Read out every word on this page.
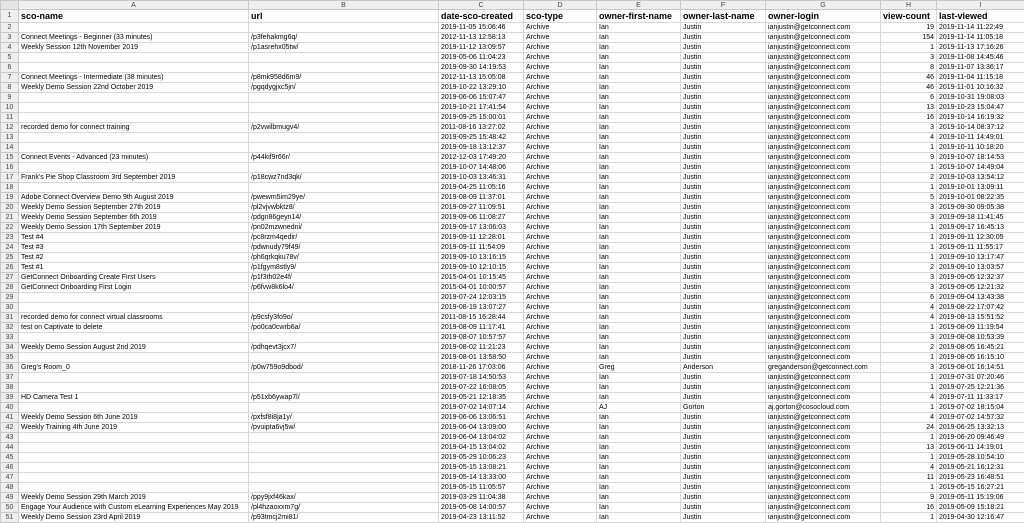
	A	B	C	D	E	F	G	H	I
1	sco-name	url	date-sco-created	sco-type	owner-first-name	owner-last-name	owner-login	view-count	last-viewed
2			2019-11-05 15:06:46	Archive	Ian	Justin	ianjustin@getconnect.com	19	2019-11-14 11:22:49
3	Connect Meetings - Beginner (33 minutes)	/p3fehakmg6q/	2012-11-13 12:58:13	Archive	Ian	Justin	ianjustin@getconnect.com	154	2019-11-14 11:05:18
4	Weekly Session 12th November 2019	/p1asrehx05tw/	2019-11-12 13:09:57	Archive	Ian	Justin	ianjustin@getconnect.com	1	2019-11-13 17:16:26
5			2019-05-06 11:04:23	Archive	Ian	Justin	ianjustin@getconnect.com	3	2019-11-08 14:45:46
6			2019-09-30 14:19:53	Archive	Ian	Justin	ianjustin@getconnect.com	8	2019-11-07 13:36:17
7	Connect Meetings - Intermediate (38 minutes)	/p8mk958d6m9/	2012-11-13 15:05:08	Archive	Ian	Justin	ianjustin@getconnect.com	46	2019-11-04 11:15:18
8	Weekly Demo Session 22nd October 2019	/pgqdygjxc5jn/	2019-10-22 13:29:10	Archive	Ian	Justin	ianjustin@getconnect.com	46	2019-11-01 10:16:32
9			2019-06-06 15:07:47	Archive	Ian	Justin	ianjustin@getconnect.com	6	2019-10-31 19:08:03
10			2019-10-21 17:41:54	Archive	Ian	Justin	ianjustin@getconnect.com	13	2019-10-23 15:04:47
11			2019-09-25 15:00:01	Archive	Ian	Justin	ianjustin@getconnect.com	16	2019-10-14 16:19:32
12	recorded demo for connect training	/p2vwilbmugv4/	2011-08-16 13:27:02	Archive	Ian	Justin	ianjustin@getconnect.com	3	2019-10-14 08:37:12
13			2019-09-25 15:48:42	Archive	Ian	Justin	ianjustin@getconnect.com	4	2019-10-11 14:49:01
14			2019-09-18 13:12:37	Archive	Ian	Justin	ianjustin@getconnect.com	1	2019-10-11 10:18:20
15	Connect Events - Advanced (23 minutes)	/p44kif9r66r/	2012-12-03 17:49:20	Archive	Ian	Justin	ianjustin@getconnect.com	9	2019-10-07 18:14:53
16			2019-10-07 14:48:06	Archive	Ian	Justin	ianjustin@getconnect.com	1	2019-10-07 14:49:04
17	Frank's Pie Shop Classroom 3rd September 2019	/p18cwz7nd3qk/	2019-10-03 13:46:31	Archive	Ian	Justin	ianjustin@getconnect.com	2	2019-10-03 13:54:12
18			2019-04-25 11:05:16	Archive	Ian	Justin	ianjustin@getconnect.com	1	2019-10-01 13:09:11
19	Adobe Connect Overview Demo 9th August 2019	/pwewm5im29ye/	2019-08-09 11:37:01	Archive	Ian	Justin	ianjustin@getconnect.com	5	2019-10-01 08:22:35
20	Weekly Demo Session September 27th 2019	/pl2vjvwbktz8/	2019-09-27 11:09:51	Archive	Ian	Justin	ianjustin@getconnect.com	3	2019-09-30 09:05:38
21	Weekly Demo Session September 6th 2019	/pdgn86geyn14/	2019-09-06 11:08:27	Archive	Ian	Justin	ianjustin@getconnect.com	3	2019-09-18 11:41:45
22	Weekly Demo Session 17th September 2019	/pn02mzwnedni/	2019-09-17 13:06:03	Archive	Ian	Justin	ianjustin@getconnect.com	1	2019-09-17 16:45:13
23	Test #4	/pc8rzm4qedir/	2019-09-11 12:28:01	Archive	Ian	Justin	ianjustin@getconnect.com	1	2019-09-11 12:30:05
24	Test #3	/pdwnudy79f49/	2019-09-11 11:54:09	Archive	Ian	Justin	ianjustin@getconnect.com	1	2019-09-11 11:55:17
25	Test #2	/ph6qrkqku78v/	2019-09-10 13:16:15	Archive	Ian	Justin	ianjustin@getconnect.com	1	2019-09-10 13:17:47
26	Test #1	/p1fgym8stly9/	2019-09-10 12:10:15	Archive	Ian	Justin	ianjustin@getconnect.com	2	2019-09-10 13:03:57
27	GetConnect Onboarding Create First Users	/p1f3th02e4f/	2015-04-01 10:15:45	Archive	Ian	Justin	ianjustin@getconnect.com	3	2019-09-05 12:32:37
28	GetConnect Onboarding First Login	/p6fvw8k6lo4/	2015-04-01 10:00:57	Archive	Ian	Justin	ianjustin@getconnect.com	3	2019-09-05 12:21:32
29			2019-07-24 12:03:15	Archive	Ian	Justin	ianjustin@getconnect.com	6	2019-09-04 13:43:38
30			2019-08-19 13:07:27	Archive	Ian	Justin	ianjustin@getconnect.com	4	2019-08-22 17:07:42
31	recorded demo for connect virtual classrooms	/p9csfy3fo9o/	2011-08-15 16:28:44	Archive	Ian	Justin	ianjustin@getconnect.com	4	2019-08-13 15:51:52
32	test on Captivate to delete	/po0ca0cwrb6a/	2019-08-09 11:17:41	Archive	Ian	Justin	ianjustin@getconnect.com	1	2019-08-09 11:19:54
33			2019-08-07 10:57:57	Archive	Ian	Justin	ianjustin@getconnect.com	3	2019-08-08 10:53:39
34	Weekly Demo Session August 2nd 2019	/pdhqevt3jcx7/	2019-08-02 11:21:23	Archive	Ian	Justin	ianjustin@getconnect.com	2	2019-08-05 16:45:21
35			2019-08-01 13:58:50	Archive	Ian	Justin	ianjustin@getconnect.com	1	2019-08-05 16:15:10
36	Greg's Room_0	/p0w759o9dbod/	2018-11-26 17:03:06	Archive	Greg	Anderson	greganderson@getconnect.com	3	2019-08-01 16:14:51
37			2019-07-18 14:50:53	Archive	Ian	Justin	ianjustin@getconnect.com	1	2019-07-31 07:20:46
38			2019-07-22 16:08:05	Archive	Ian	Justin	ianjustin@getconnect.com	1	2019-07-25 12:21:36
39	HD Camera Test 1	/p51xb6ywap7l/	2019-05-21 12:18:35	Archive	Ian	Justin	ianjustin@getconnect.com	4	2019-07-11 11:33:17
40			2019-07-02 14:07:14	Archive	AJ	Gorton	aj.gorton@cosocloud.com	1	2019-07-02 18:15:04
41	Weekly Demo Session 6th June 2019	/pxfsf8i8ja1y/	2019-06-06 13:06:51	Archive	Ian	Justin	ianjustin@getconnect.com	4	2019-07-02 14:57:32
42	Weekly Training 4th June 2019	/pvuipta6vj5w/	2019-06-04 13:09:00	Archive	Ian	Justin	ianjustin@getconnect.com	24	2019-06-25 13:32:13
43			2019-06-04 13:04:02	Archive	Ian	Justin	ianjustin@getconnect.com	1	2019-06-20 09:46:49
44			2019-04-15 13:04:02	Archive	Ian	Justin	ianjustin@getconnect.com	13	2019-06-11 14:19:01
45			2019-05-29 10:06:23	Archive	Ian	Justin	ianjustin@getconnect.com	1	2019-05-28 10:54:10
46			2019-05-15 13:08:21	Archive	Ian	Justin	ianjustin@getconnect.com	4	2019-05-21 16:12:31
47			2019-05-14 13:33:00	Archive	Ian	Justin	ianjustin@getconnect.com	11	2019-05-23 16:48:51
48			2019-05-15 11:05:57	Archive	Ian	Justin	ianjustin@getconnect.com	1	2019-05-15 16:27:21
49	Weekly Demo Session 29th March 2019	/ppy9jxf46kax/	2019-03-29 11:04:38	Archive	Ian	Justin	ianjustin@getconnect.com	9	2019-05-11 15:19:06
50	Engage Your Audience with Custom eLearning Experiences May 2019	/pl4hzaoxxm7g/	2019-05-08 14:00:57	Archive	Ian	Justin	ianjustin@getconnect.com	16	2019-05-09 15:18:21
51	Weekly Demo Session 23rd April 2019	/p93tmcj2mi81/	2019-04-23 13:11:52	Archive	Ian	Justin	ianjustin@getconnect.com	1	2019-04-30 12:16:47
